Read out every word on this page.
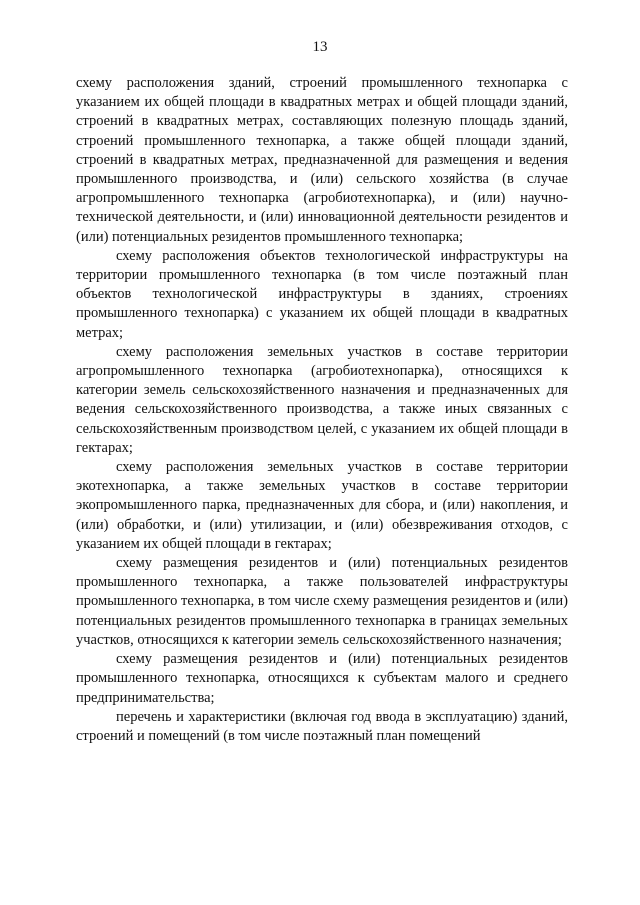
13

схему расположения зданий, строений промышленного технопарка с указанием их общей площади в квадратных метрах и общей площади зданий, строений в квадратных метрах, составляющих полезную площадь зданий, строений промышленного технопарка, а также общей площади зданий, строений в квадратных метрах, предназначенной для размещения и ведения промышленного производства, и (или) сельского хозяйства (в случае агропромышленного технопарка (агробиотехнопарка), и (или) научно-технической деятельности, и (или) инновационной деятельности резидентов и (или) потенциальных резидентов промышленного технопарка;

схему расположения объектов технологической инфраструктуры на территории промышленного технопарка (в том числе поэтажный план объектов технологической инфраструктуры в зданиях, строениях промышленного технопарка) с указанием их общей площади в квадратных метрах;

схему расположения земельных участков в составе территории агропромышленного технопарка (агробиотехнопарка), относящихся к категории земель сельскохозяйственного назначения и предназначенных для ведения сельскохозяйственного производства, а также иных связанных с сельскохозяйственным производством целей, с указанием их общей площади в гектарах;

схему расположения земельных участков в составе территории экотехнопарка, а также земельных участков в составе территории экопромышленного парка, предназначенных для сбора, и (или) накопления, и (или) обработки, и (или) утилизации, и (или) обезвреживания отходов, с указанием их общей площади в гектарах;

схему размещения резидентов и (или) потенциальных резидентов промышленного технопарка, а также пользователей инфраструктуры промышленного технопарка, в том числе схему размещения резидентов и (или) потенциальных резидентов промышленного технопарка в границах земельных участков, относящихся к категории земель сельскохозяйственного назначения;

схему размещения резидентов и (или) потенциальных резидентов промышленного технопарка, относящихся к субъектам малого и среднего предпринимательства;

перечень и характеристики (включая год ввода в эксплуатацию) зданий, строений и помещений (в том числе поэтажный план помещений
